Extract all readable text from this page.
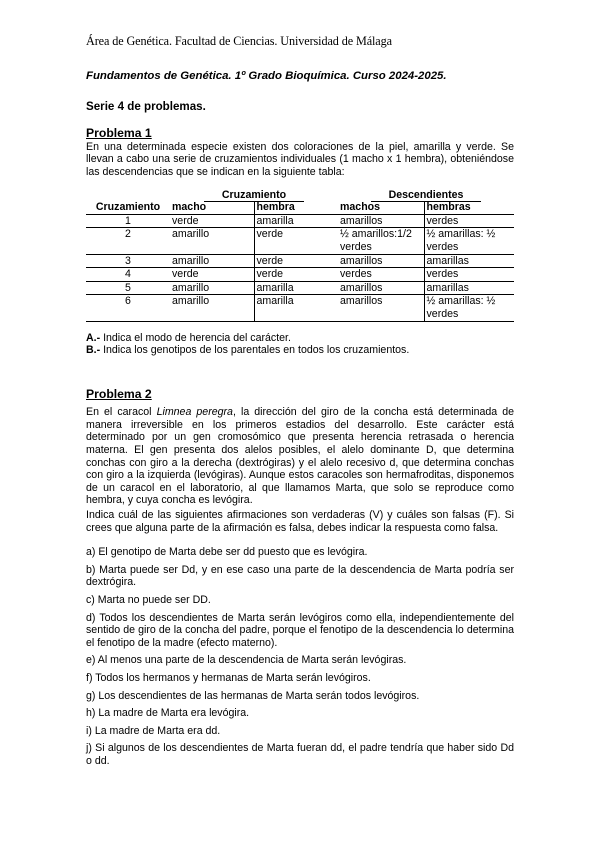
Área de Genética. Facultad de Ciencias. Universidad de Málaga

Fundamentos de Genética. 1º Grado Bioquímica. Curso 2024-2025.

Serie 4 de problemas.

Problema 1

En una determinada especie existen dos coloraciones de la piel, amarilla y verde. Se llevan a cabo una serie de cruzamientos individuales (1 macho x 1 hembra), obteniéndose las descendencias que se indican en la siguiente tabla:

	Cruzamiento		Descendientes	
Cruzamiento	macho	hembra	machos	hembras
1	verde	amarilla	amarillos	verdes
2	amarillo	verde	½ amarillos:1/2 verdes	½ amarillas: ½ verdes
3	amarillo	verde	amarillos	amarillas
4	verde	verde	verdes	verdes
5	amarillo	amarilla	amarillos	amarillas
6	amarillo	amarilla	amarillos	½ amarillas: ½ verdes

A.- Indica el modo de herencia del carácter.

B.- Indica los genotipos de los parentales en todos los cruzamientos.

Problema 2

En el caracol Limnea peregra, la dirección del giro de la concha está determinada de manera irreversible en los primeros estadios del desarrollo. Este carácter está determinado por un gen cromosómico que presenta herencia retrasada o herencia materna. El gen presenta dos alelos posibles, el alelo dominante D, que determina conchas con giro a la derecha (dextrógiras) y el alelo recesivo d, que determina conchas con giro a la izquierda (levógiras). Aunque estos caracoles son hermafroditas, disponemos de un caracol en el laboratorio, al que llamamos Marta, que solo se reproduce como hembra, y cuya concha es levógira.

Indica cuál de las siguientes afirmaciones son verdaderas (V) y cuáles son falsas (F). Si crees que alguna parte de la afirmación es falsa, debes indicar la respuesta como falsa.

a) El genotipo de Marta debe ser dd puesto que es levógira.

b) Marta puede ser Dd, y en ese caso una parte de la descendencia de Marta podría ser dextrógira.

c) Marta no puede ser DD.

d) Todos los descendientes de Marta serán levógiros como ella, independientemente del sentido de giro de la concha del padre, porque el fenotipo de la descendencia lo determina el fenotipo de la madre (efecto materno).

e) Al menos una parte de la descendencia de Marta serán levógiras.

f) Todos los hermanos y hermanas de Marta serán levógiros.

g) Los descendientes de las hermanas de Marta serán todos levógiros.

h) La madre de Marta era levógira.

i) La madre de Marta era dd.

j) Si algunos de los descendientes de Marta fueran dd, el padre tendría que haber sido Dd o dd.
